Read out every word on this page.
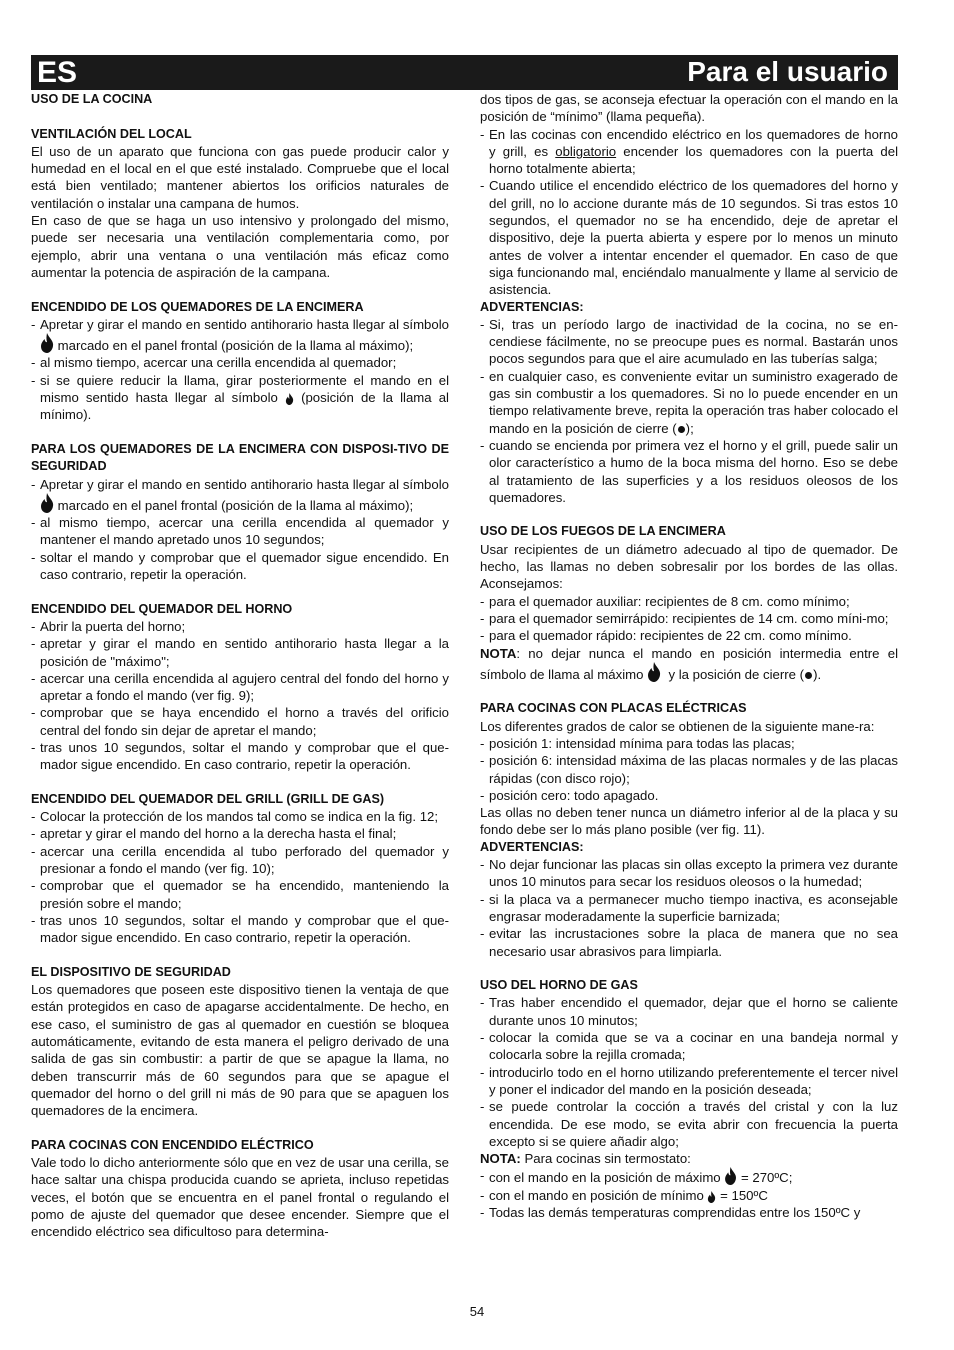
ES	Para el usuario

USO DE LA COCINA

VENTILACIÓN DEL LOCAL

El uso de un aparato que funciona con gas puede producir calor y humedad en el local en el que esté instalado. Compruebe que el local está bien ventilado; mantener abiertos los orificios naturales de ventilación o instalar una campana de humos.

En caso de que se haga un uso intensivo y prolongado del mismo, puede ser necesaria una ventilación complementaria como, por ejemplo, abrir una ventana o una ventilación más eficaz como aumentar la potencia de aspiración de la campana.

ENCENDIDO DE LOS QUEMADORES DE LA ENCIMERA

- Apretar y girar el mando en sentido antihorario hasta llegar al símbolo  marcado en el panel frontal (posición de la llama al máximo);
- al mismo tiempo, acercar una cerilla encendida al quemador;
- si se quiere reducir la llama, girar posteriormente el mando en el mismo sentido hasta llegar al símbolo (posición de la llama al mínimo).

PARA LOS QUEMADORES DE LA ENCIMERA CON DISPOSI-TIVO DE SEGURIDAD

- Apretar y girar el mando en sentido antihorario hasta llegar al símbolo  marcado en el panel frontal (posición de la llama al máximo);
- al mismo tiempo, acercar una cerilla encendida al quemador y mantener el mando apretado unos 10 segundos;
- soltar el mando y comprobar que el quemador sigue encendido. En caso contrario, repetir la operación.

ENCENDIDO DEL QUEMADOR DEL HORNO

- Abrir la puerta del horno;
- apretar y girar el mando en sentido antihorario hasta llegar a la posición de "máximo";
- acercar una cerilla encendida al agujero central del fondo del horno y apretar a fondo el mando (ver fig. 9);
- comprobar que se haya encendido el horno a través del orificio central del fondo sin dejar de apretar el mando;
- tras unos 10 segundos, soltar el mando y comprobar que el que-mador sigue encendido. En caso contrario, repetir la operación.

ENCENDIDO DEL QUEMADOR DEL GRILL (GRILL DE GAS)

- Colocar la protección de los mandos tal como se indica en la fig. 12;
- apretar y girar el mando del horno a la derecha hasta el final;
- acercar una cerilla encendida al tubo perforado del quemador y presionar a fondo el mando (ver fig. 10);
- comprobar que el quemador se ha encendido, manteniendo la presión sobre el mando;
- tras unos 10 segundos, soltar el mando y comprobar que el que-mador sigue encendido. En caso contrario, repetir la operación.

EL DISPOSITIVO DE SEGURIDAD

Los quemadores que poseen este dispositivo tienen la ventaja de que están protegidos en caso de apagarse accidentalmente. De hecho, en ese caso, el suministro de gas al quemador en cuestión se bloquea automáticamente, evitando de esta manera el peligro derivado de una salida de gas sin combustir: a partir de que se apague la llama, no deben transcurrir más de 60 segundos para que se apague el quemador del horno o del grill ni más de 90 para que se apaguen los quemadores de la encimera.

PARA COCINAS CON ENCENDIDO ELÉCTRICO

Vale todo lo dicho anteriormente sólo que en vez de usar una cerilla, se hace saltar una chispa producida cuando se aprieta, incluso repetidas veces, el botón que se encuentra en el panel frontal o regulando el pomo de ajuste del quemador que desee encender. Siempre que el encendido eléctrico sea dificultoso para determina-

dos tipos de gas, se aconseja efectuar la operación con el mando en la posición de “mínimo” (llama pequeña).

- En las cocinas con encendido eléctrico en los quemadores de horno y grill, es obligatorio encender los quemadores con la puerta del horno totalmente abierta;
- Cuando utilice el encendido eléctrico de los quemadores del horno y del grill, no lo accione durante más de 10 segundos. Si tras estos 10 segundos, el quemador no se ha encendido, deje de apretar el dispositivo, deje la puerta abierta y espere por lo menos un minuto antes de volver a intentar encender el quemador. En caso de que siga funcionando mal, enciéndalo manualmente y llame al servicio de asistencia.

ADVERTENCIAS:

- Si, tras un período largo de inactividad de la cocina, no se en-cendiese fácilmente, no se preocupe pues es normal. Bastarán unos pocos segundos para que el aire acumulado en las tuberías salga;
- en cualquier caso, es conveniente evitar un suministro exagerado de gas sin combustir a los quemadores. Si no lo puede encender en un tiempo relativamente breve, repita la operación tras haber colocado el mando en la posición de cierre ( );
- cuando se encienda por primera vez el horno y el grill, puede salir un olor característico a humo de la boca misma del horno. Eso se debe al tratamiento de las superficies y a los residuos oleosos de los quemadores.

USO DE LOS FUEGOS DE LA ENCIMERA

Usar recipientes de un diámetro adecuado al tipo de quemador. De hecho, las llamas no deben sobresalir por los bordes de las ollas. Aconsejamos:

- para el quemador auxiliar: recipientes de 8 cm. como mínimo;
- para el quemador semirrápido: recipientes de 14 cm. como míni-mo;
- para el quemador rápido: recipientes de 22 cm. como mínimo.

NOTA: no dejar nunca el mando en posición intermedia entre el símbolo de llama al máximo y la posición de cierre ( ).

PARA COCINAS CON PLACAS ELÉCTRICAS

Los diferentes grados de calor se obtienen de la siguiente mane-ra:

- posición 1: intensidad mínima para todas las placas;
- posición 6: intensidad máxima de las placas normales y de las placas rápidas (con disco rojo);
- posición cero: todo apagado.

Las ollas no deben tener nunca un diámetro inferior al de la placa y su fondo debe ser lo más plano posible (ver fig. 11).

ADVERTENCIAS:

- No dejar funcionar las placas sin ollas excepto la primera vez durante unos 10 minutos para secar los residuos oleosos o la humedad;
- si la placa va a permanecer mucho tiempo inactiva, es aconsejable engrasar moderadamente la superficie barnizada;
- evitar las incrustaciones sobre la placa de manera que no sea necesario usar abrasivos para limpiarla.

USO DEL HORNO DE GAS

- Tras haber encendido el quemador, dejar que el horno se caliente durante unos 10 minutos;
- colocar la comida que se va a cocinar en una bandeja normal y colocarla sobre la rejilla cromada;
- introducirlo todo en el horno utilizando preferentemente el tercer nivel y poner el indicador del mando en la posición deseada;
- se puede controlar la cocción a través del cristal y con la luz encendida. De ese modo, se evita abrir con frecuencia la puerta excepto si se quiere añadir algo;

NOTA: Para cocinas sin termostato:

- con el mando en la posición de máximo = 270ºC;
- con el mando en posición de mínimo = 150ºC
- Todas las demás temperaturas comprendidas entre los 150ºC y
54
